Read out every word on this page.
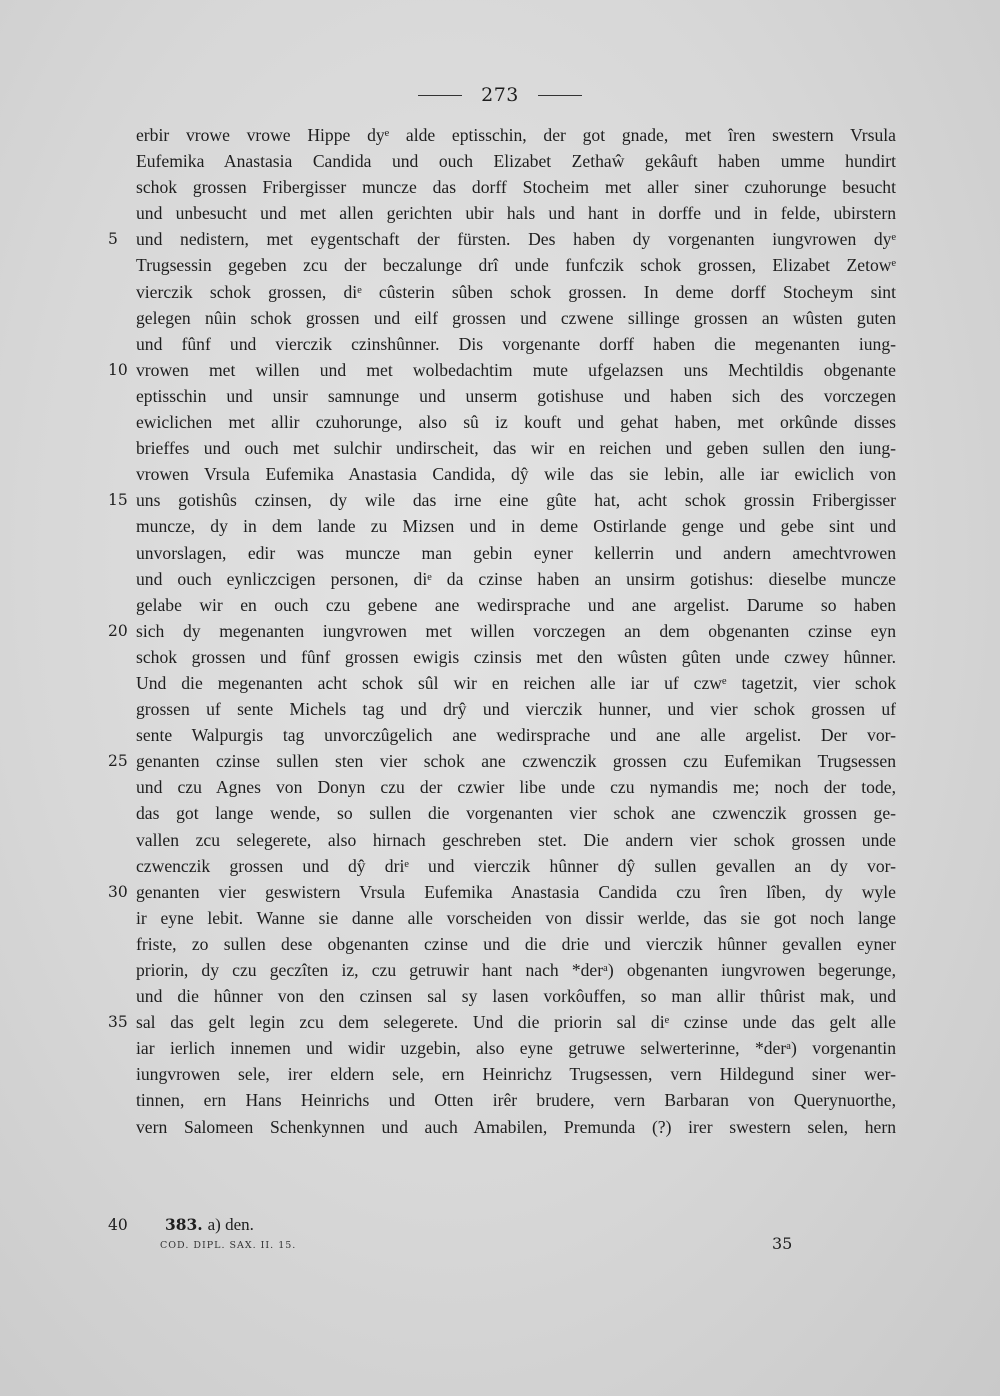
273
erbir vrowe vrowe Hippe dyᵉ alde eptisschin, der got gnade, met îren swestern Vrsula
Eufemika Anastasia Candida und ouch Elizabet Zethaŵ gekâuft haben umme hundirt
schok grossen Fribergisser muncze das dorff Stocheim met aller siner czuhorunge besucht
und unbesucht und met allen gerichten ubir hals und hant in dorffe und in felde, ubirstern
5	und nedistern, met eygentschaft der fürsten. Des haben dy vorgenanten iungvrowen dyᵉ
Trugsessin gegeben zcu der beczalunge drî unde funfczik schok grossen, Elizabet Zetowᵉ
vierczik schok grossen, diᵉ cûsterin sûben schok grossen. In deme dorff Stocheym sint
gelegen nûin schok grossen und eilf grossen und czwene sillinge grossen an wûsten guten
und fûnf und vierczik czinshûnner. Dis vorgenante dorff haben die megenanten iung-
10 vrowen met willen und met wolbedachtim mute ufgelazsen uns Mechtildis obgenante
eptisschin und unsir samnunge und unserm gotishuse und haben sich des vorczegen
ewiclichen met allir czuhorunge, also sû iz kouft und gehat haben, met orkûnde disses
brieffes und ouch met sulchir undirscheit, das wir en reichen und geben sullen den iung-
vrowen Vrsula Eufemika Anastasia Candida, dŷ wile das sie lebin, alle iar ewiclich von
15 uns gotishûs czinsen, dy wile das irne eine gûte hat, acht schok grossin Fribergisser
muncze, dy in dem lande zu Mizsen und in deme Ostirlande genge und gebe sint und
unvorslagen, edir was muncze man gebin eyner kellerrin und andern amechtvrowen
und ouch eynliczcigen personen, diᵉ da czinse haben an unsirm gotishus: dieselbe muncze
gelabe wir en ouch czu gebene ane wedirsprache und ane argelist. Darume so haben
20 sich dy megenanten iungvrowen met willen vorczegen an dem obgenanten czinse eyn
schok grossen und fûnf grossen ewigis czinsis met den wûsten gûten unde czwey hûnner.
Und die megenanten acht schok sûl wir en reichen alle iar uf czwᵉ tagetzit, vier schok
grossen uf sente Michels tag und drŷ und vierczik hunner, und vier schok grossen uf
sente Walpurgis tag unvorczûgelich ane wedirsprache und ane alle argelist. Der vor-
25 genanten czinse sullen sten vier schok ane czwenczik grossen czu Eufemikan Trugsessen
und czu Agnes von Donyn czu der czwier libe unde czu nymandis me; noch der tode,
das got lange wende, so sullen die vorgenanten vier schok ane czwenczik grossen ge-
vallen zcu selegerete, also hirnach geschreben stet. Die andern vier schok grossen unde
czwenczik grossen und dŷ driᵉ und vierczik hûnner dŷ sullen gevallen an dy vor-
30 genanten vier geswistern Vrsula Eufemika Anastasia Candida czu îren lîben, dy wyle
ir eyne lebit. Wanne sie danne alle vorscheiden von dissir werlde, das sie got noch lange
friste, zo sullen dese obgenanten czinse und die drie und vierczik hûnner gevallen eyner
priorin, dy czu geczîten iz, czu getruwir hant nach *derᵃ) obgenanten iungvrowen begerunge,
und die hûnner von den czinsen sal sy lasen vorkôuffen, so man allir thûrist mak, und
35 sal das gelt legin zcu dem selegerete. Und die priorin sal diᵉ czinse unde das gelt alle
iar ierlich innemen und widir uzgebin, also eyne getruwe selwerterinne, *derᵃ) vorgenantin
iungvrowen sele, irer eldern sele, ern Heinrichz Trugsessen, vern Hildegund siner wer-
tinnen, ern Hans Heinrichs und Otten irêr brudere, vern Barbaran von Querynuorthe,
vern Salomeen Schenkynnen und auch Amabilen, Premunda (?) irer swestern selen, hern
40 383. a) den.
COD. DIPL. SAX. II. 15.	35
